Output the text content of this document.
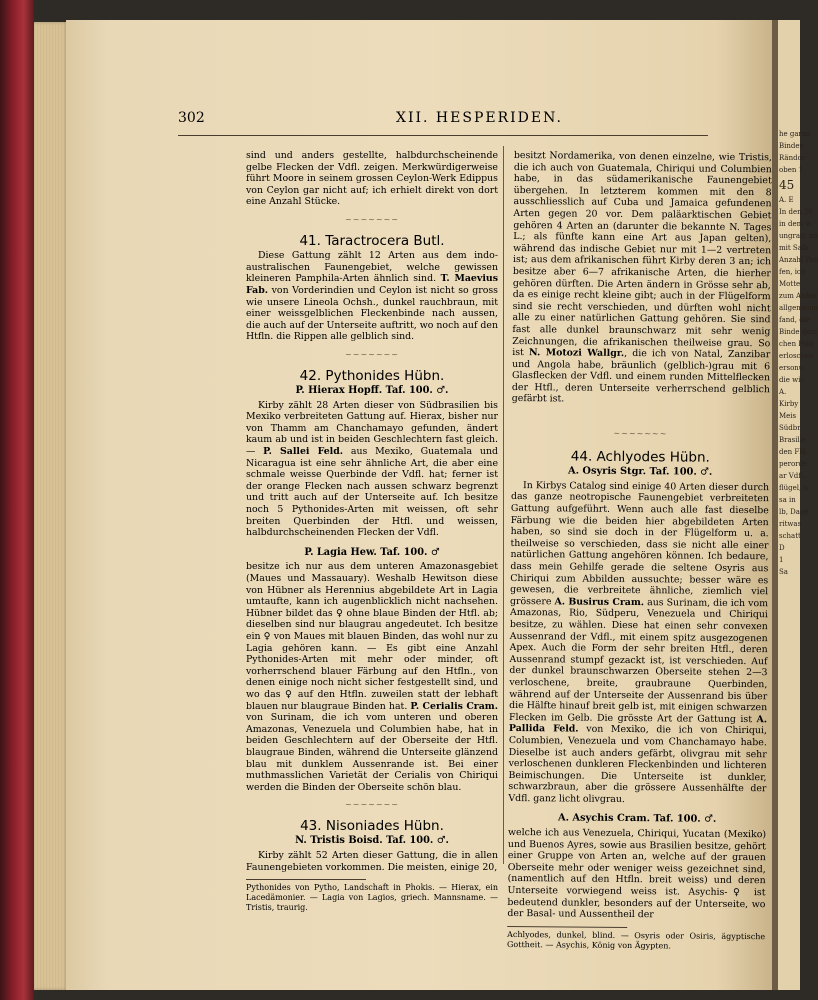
302	XII. HESPERIDEN.

sind und anders gestellte, halbdurchscheinende gelbe Flecken der Vdfl. zeigen. Merkwürdigerweise führt Moore in seinem grossen Ceylon-Werk Edippus von Ceylon gar nicht auf; ich erhielt direkt von dort eine Anzahl Stücke.

~~~~~~~
41. Taractrocera Butl.

Diese Gattung zählt 12 Arten aus dem indo-australischen Faunengebiet, welche gewissen kleineren Pamphila-Arten ähnlich sind. T. Maevius Fab. von Vorderindien und Ceylon ist nicht so gross wie unsere Lineola Ochsh., dunkel rauchbraun, mit einer weissgelblichen Fleckenbinde nach aussen, die auch auf der Unterseite auftritt, wo noch auf den Htfln. die Rippen alle gelblich sind.

~~~~~~~
42. Pythonides Hübn.
P. Hierax Hopff. Taf. 100. ♂.

Kirby zählt 28 Arten dieser von Südbrasilien bis Mexiko verbreiteten Gattung auf. Hierax, bisher nur von Thamm am Chanchamayo gefunden, ändert kaum ab und ist in beiden Geschlechtern fast gleich. — P. Sallei Feld. aus Mexiko, Guatemala und Nicaragua ist eine sehr ähnliche Art, die aber eine schmale weisse Querbinde der Vdfl. hat; ferner ist der orange Flecken nach aussen schwarz begrenzt und tritt auch auf der Unterseite auf. Ich besitze noch 5 Pythonides-Arten mit weissen, oft sehr breiten Querbinden der Htfl. und weissen, halbdurchscheinenden Flecken der Vdfl.

P. Lagia Hew. Taf. 100. ♂

besitze ich nur aus dem unteren Amazonasgebiet (Maues und Massauary). Weshalb Hewitson diese von Hübner als Herennius abgebildete Art in Lagia umtaufte, kann ich augenblicklich nicht nachsehen. Hübner bildet das ♀ ohne blaue Binden der Htfl. ab; dieselben sind nur blaugrau angedeutet. Ich besitze ein ♀ von Maues mit blauen Binden, das wohl nur zu Lagia gehören kann. — Es gibt eine Anzahl Pythonides-Arten mit mehr oder minder, oft vorherrschend blauer Färbung auf den Htfln., von denen einige noch nicht sicher festgestellt sind, und wo das ♀ auf den Htfln. zuweilen statt der lebhaft blauen nur blaugraue Binden hat. P. Cerialis Cram. von Surinam, die ich vom unteren und oberen Amazonas, Venezuela und Columbien habe, hat in beiden Geschlechtern auf der Oberseite der Htfl. blaugraue Binden, während die Unterseite glänzend blau mit dunklem Aussenrande ist. Bei einer muthmasslichen Varietät der Cerialis von Chiriqui werden die Binden der Oberseite schön blau.

~~~~~~~
43. Nisoniades Hübn.
N. Tristis Boisd. Taf. 100. ♂.

Kirby zählt 52 Arten dieser Gattung, die in allen Faunengebieten vorkommen. Die meisten, einige 20,

Pythonides von Pytho, Landschaft in Phokis. — Hierax, ein Lacedämonier. — Lagia von Lagios, griech. Mannsname. — Tristis, traurig.

besitzt Nordamerika, von denen einzelne, wie Tristis, die ich auch von Guatemala, Chiriqui und Columbien habe, in das südamerikanische Faunengebiet übergehen. In letzterem kommen mit den 8 ausschliesslich auf Cuba und Jamaica gefundenen Arten gegen 20 vor. Dem paläarktischen Gebiet gehören 4 Arten an (darunter die bekannte N. Tages L.; als fünfte kann eine Art aus Japan gelten), während das indische Gebiet nur mit 1—2 vertreten ist; aus dem afrikanischen führt Kirby deren 3 an; ich besitze aber 6—7 afrikanische Arten, die hierher gehören dürften. Die Arten ändern in Grösse sehr ab, da es einige recht kleine gibt; auch in der Flügelform sind sie recht verschieden, und dürften wohl nicht alle zu einer natürlichen Gattung gehören. Sie sind fast alle dunkel braunschwarz mit sehr wenig Zeichnungen, die afrikanischen theilweise grau. So ist N. Motozi Wallgr., die ich von Natal, Zanzibar und Angola habe, bräunlich (gelblich-)grau mit 6 Glasflecken der Vdfl. und einem runden Mittelflecken der Htfl., deren Unterseite verherrschend gelblich gefärbt ist.

~~~~~~~
44. Achlyodes Hübn.
A. Osyris Stgr. Taf. 100. ♂.

In Kirbys Catalog sind einige 40 Arten dieser durch das ganze neotropische Faunengebiet verbreiteten Gattung aufgeführt. Wenn auch alle fast dieselbe Färbung wie die beiden hier abgebildeten Arten haben, so sind sie doch in der Flügelform u. a. theilweise so verschieden, dass sie nicht alle einer natürlichen Gattung angehören können. Ich bedaure, dass mein Gehilfe gerade die seltene Osyris aus Chiriqui zum Abbilden aussuchte; besser wäre es gewesen, die verbreitete ähnliche, ziemlich viel grössere A. Busirus Cram. aus Surinam, die ich vom Amazonas, Rio, Südperu, Venezuela und Chiriqui besitze, zu wählen. Diese hat einen sehr convexen Aussenrand der Vdfl., mit einem spitz ausgezogenen Apex. Auch die Form der sehr breiten Htfl., deren Aussenrand stumpf gezackt ist, ist verschieden. Auf der dunkel braunschwarzen Oberseite stehen 2—3 verloschene, breite, graubraune Querbinden, während auf der Unterseite der Aussenrand bis über die Hälfte hinauf breit gelb ist, mit einigen schwarzen Flecken im Gelb. Die grösste Art der Gattung ist A. Pallida Feld. von Mexiko, die ich von Chiriqui, Columbien, Venezuela und vom Chanchamayo habe. Dieselbe ist auch anders gefärbt, olivgrau mit sehr verloschenen dunkleren Fleckenbinden und lichteren Beimischungen. Die Unterseite ist dunkler, schwarzbraun, aber die grössere Aussenhälfte der Vdfl. ganz licht olivgrau.

A. Asychis Cram. Taf. 100. ♂.

welche ich aus Venezuela, Chiriqui, Yucatan (Mexiko) und Buenos Ayres, sowie aus Brasilien besitze, gehört einer Gruppe von Arten an, welche auf der grauen Oberseite mehr oder weniger weiss gezeichnet sind, (namentlich auf den Htfln. breit weiss) und deren Unterseite vorwiegend weiss ist. Asychis-♀ ist bedeutend dunkler, besonders auf der Unterseite, wo der Basal- und Aussentheil der

Achlyodes, dunkel, blind. — Osyris oder Osiris, ägyptische Gottheit. — Asychis, König von Ägypten.

he garaa
Binden
Rändor
oben 1
45
A. E
In den 20
in dem w
ungrau, an
mit Salb
Anzahl Pan
fen, ich
Motte
zum Anfan
allgemeine
fand, die
Binde dem
chen Hüb
erloschen
ersonu
die wir
A.
Kirby
Meis
Südbr
Brasilie
den Flü
perorde
ar Vdfl.
flügel, n
sa in
lb, Dage
ritwas
schatt
D
1
Sa
